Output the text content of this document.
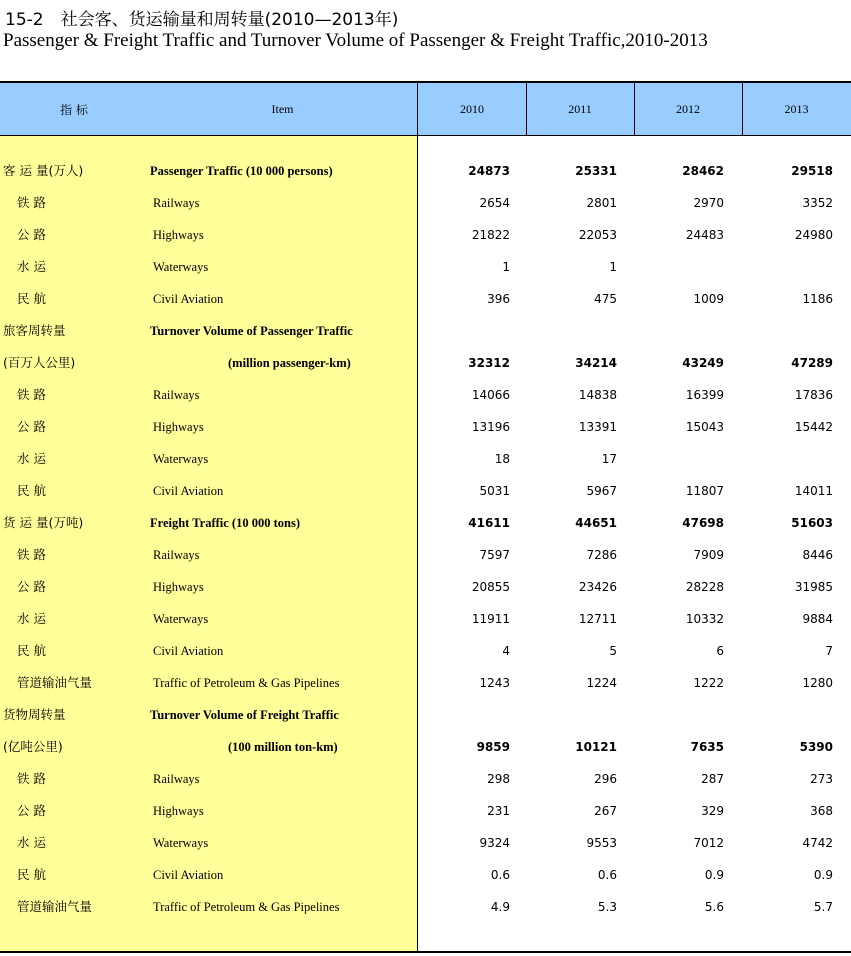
15-2　社会客、货运输量和周转量(2010—2013年)
Passenger & Freight Traffic and Turnover Volume of Passenger & Freight Traffic,2010-2013
指 标	Item	2010	2011	2012	2013
客 运 量(万人)	Passenger Traffic (10 000 persons)	24873	25331	28462	29518
铁 路	Railways	2654	2801	2970	3352
公 路	Highways	21822	22053	24483	24980
水 运	Waterways	1	1
民 航	Civil Aviation	396	475	1009	1186
旅客周转量	Turnover Volume of Passenger Traffic
(百万人公里)	(million passenger-km)	32312	34214	43249	47289
铁 路	Railways	14066	14838	16399	17836
公 路	Highways	13196	13391	15043	15442
水 运	Waterways	18	17
民 航	Civil Aviation	5031	5967	11807	14011
货 运 量(万吨)	Freight Traffic (10 000 tons)	41611	44651	47698	51603
铁 路	Railways	7597	7286	7909	8446
公 路	Highways	20855	23426	28228	31985
水 运	Waterways	11911	12711	10332	9884
民 航	Civil Aviation	4	5	6	7
管道输油气量	Traffic of Petroleum & Gas Pipelines	1243	1224	1222	1280
货物周转量	Turnover Volume of Freight Traffic
(亿吨公里)	(100 million ton-km)	9859	10121	7635	5390
铁 路	Railways	298	296	287	273
公 路	Highways	231	267	329	368
水 运	Waterways	9324	9553	7012	4742
民 航	Civil Aviation	0.6	0.6	0.9	0.9
管道输油气量	Traffic of Petroleum & Gas Pipelines	4.9	5.3	5.6	5.7
